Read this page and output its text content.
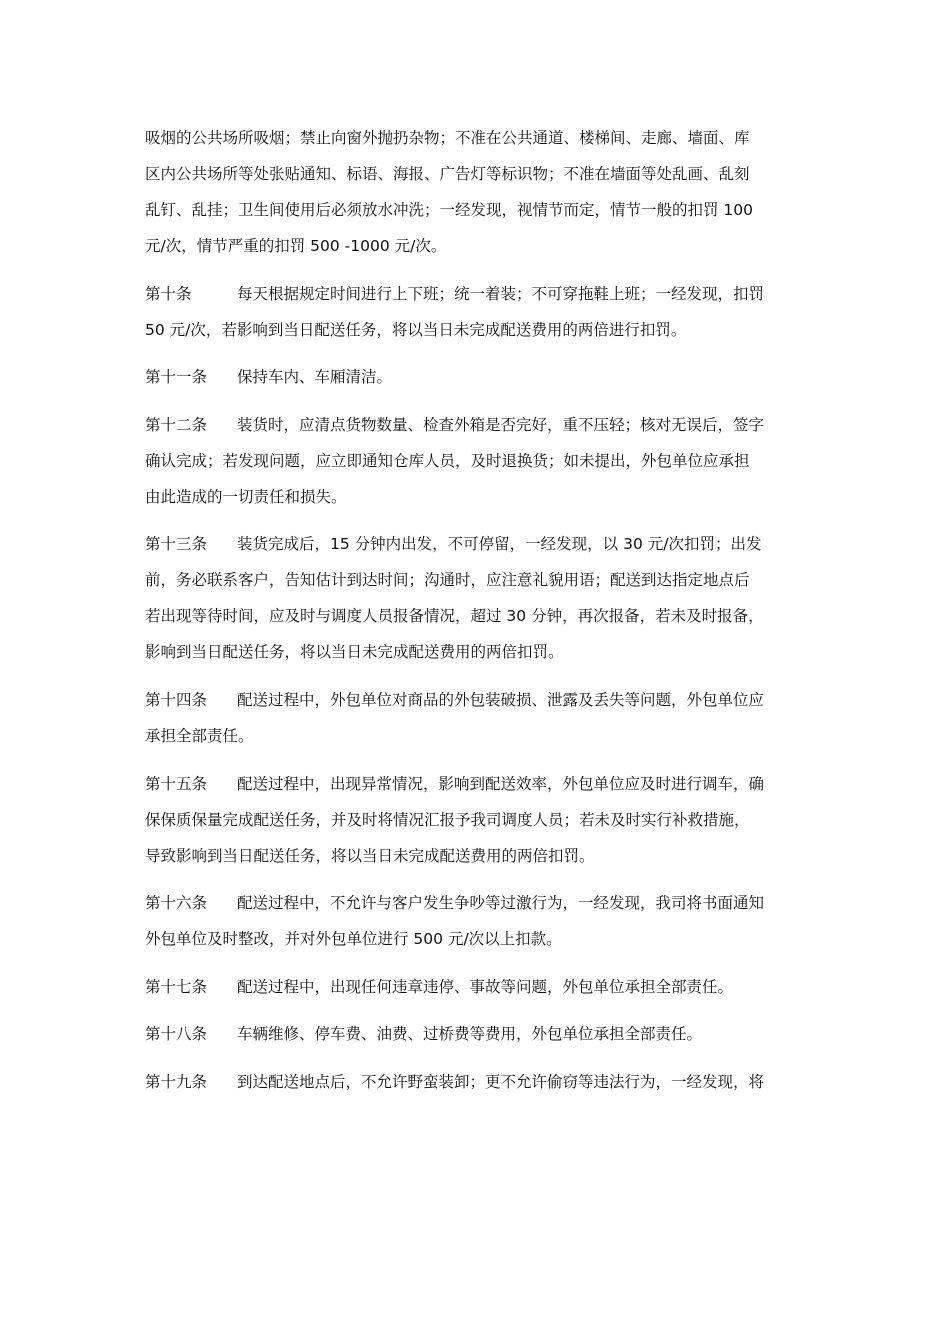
吸烟的公共场所吸烟；禁止向窗外抛扔杂物；不准在公共通道、楼梯间、走廊、墙面、库
区内公共场所等处张贴通知、标语、海报、广告灯等标识物；不准在墙面等处乱画、乱刻
乱钉、乱挂；卫生间使用后必须放水冲洗；一经发现，视情节而定，情节一般的扣罚 100
元/次，情节严重的扣罚 500 -1000 元/次。
第十条	每天根据规定时间进行上下班；统一着装；不可穿拖鞋上班；一经发现，扣罚
50 元/次，若影响到当日配送任务，将以当日未完成配送费用的两倍进行扣罚。
第十一条 保持车内、车厢清洁。
第十二条 装货时，应清点货物数量、检查外箱是否完好，重不压轻；核对无误后，签字
确认完成；若发现问题，应立即通知仓库人员，及时退换货；如未提出，外包单位应承担
由此造成的一切责任和损失。
第十三条 装货完成后，15 分钟内出发，不可停留，一经发现，以 30 元/次扣罚；出发
前，务必联系客户，告知估计到达时间；沟通时，应注意礼貌用语；配送到达指定地点后
若出现等待时间，应及时与调度人员报备情况，超过 30 分钟，再次报备，若未及时报备，
影响到当日配送任务，将以当日未完成配送费用的两倍扣罚。
第十四条 配送过程中，外包单位对商品的外包装破损、泄露及丢失等问题，外包单位应
承担全部责任。
第十五条 配送过程中，出现异常情况，影响到配送效率，外包单位应及时进行调车，确
保保质保量完成配送任务，并及时将情况汇报予我司调度人员；若未及时实行补救措施，
导致影响到当日配送任务，将以当日未完成配送费用的两倍扣罚。
第十六条 配送过程中，不允许与客户发生争吵等过激行为，一经发现，我司将书面通知
外包单位及时整改，并对外包单位进行 500 元/次以上扣款。
第十七条 配送过程中，出现任何违章违停、事故等问题，外包单位承担全部责任。
第十八条 车辆维修、停车费、油费、过桥费等费用，外包单位承担全部责任。
第十九条 到达配送地点后，不允许野蛮装卸；更不允许偷窃等违法行为，一经发现，将
